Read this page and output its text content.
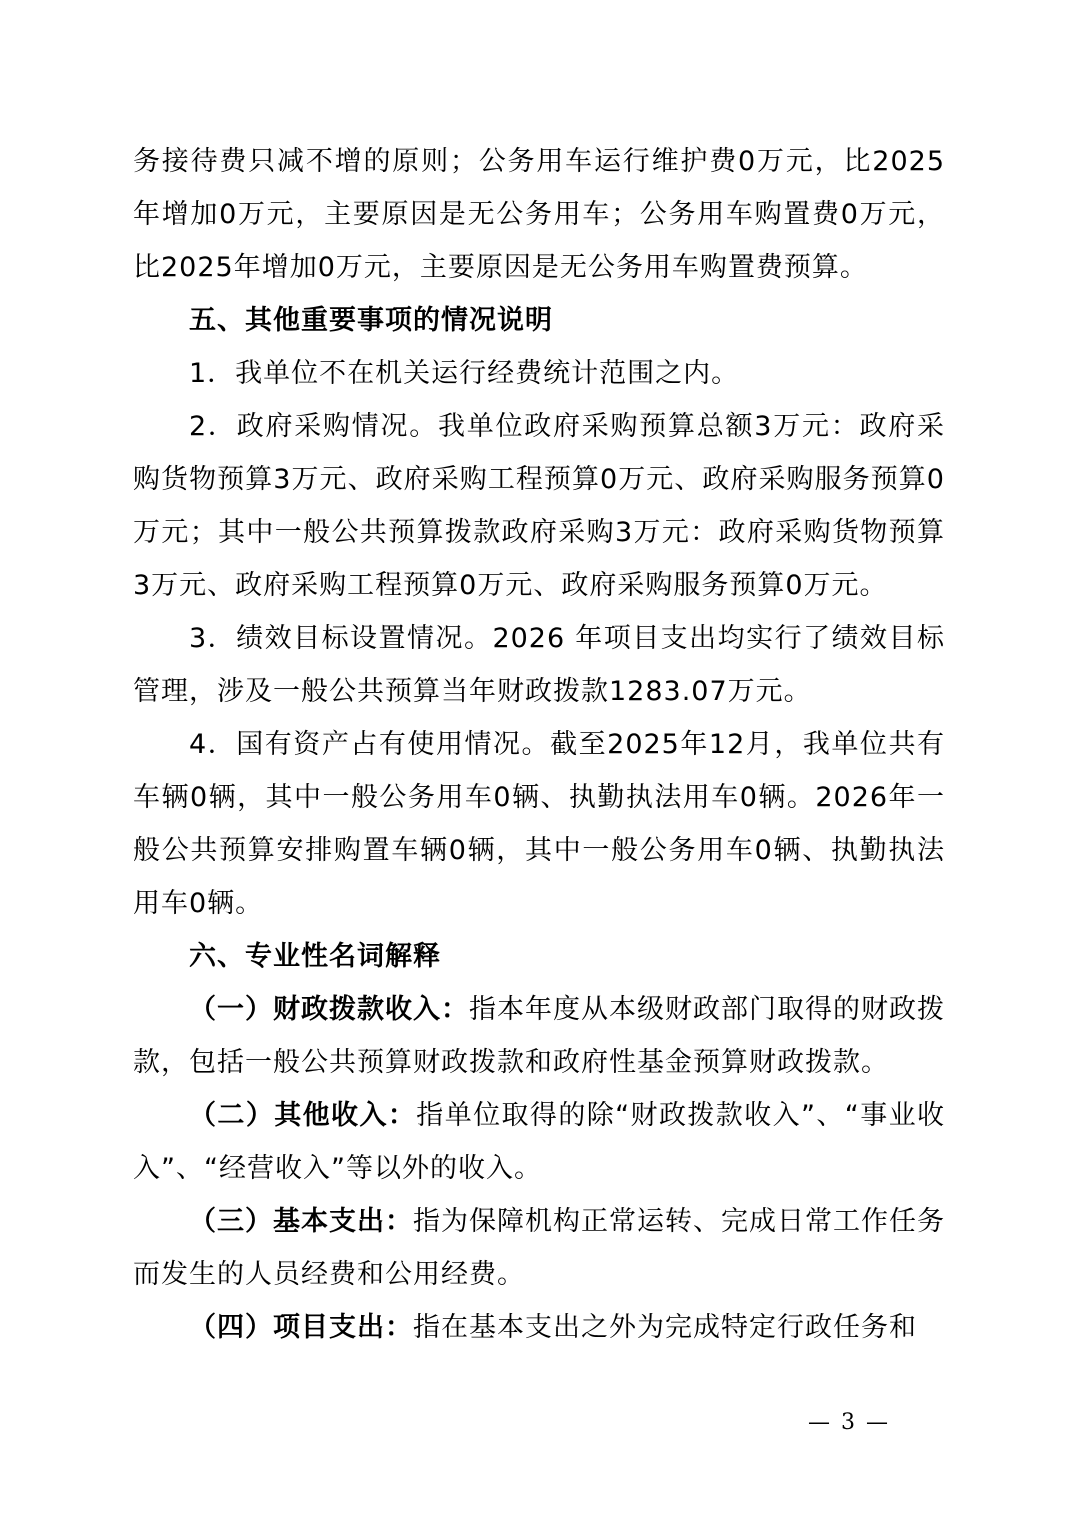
务接待费只减不增的原则；公务用车运行维护费0万元，比2025年增加0万元，主要原因是无公务用车；公务用车购置费0万元，比2025年增加0万元，主要原因是无公务用车购置费预算。

五、其他重要事项的情况说明

1．我单位不在机关运行经费统计范围之内。

2．政府采购情况。我单位政府采购预算总额3万元：政府采购货物预算3万元、政府采购工程预算0万元、政府采购服务预算0万元；其中一般公共预算拨款政府采购3万元：政府采购货物预算3万元、政府采购工程预算0万元、政府采购服务预算0万元。

3．绩效目标设置情况。2026 年项目支出均实行了绩效目标管理，涉及一般公共预算当年财政拨款1283.07万元。

4．国有资产占有使用情况。截至2025年12月，我单位共有车辆0辆，其中一般公务用车0辆、执勤执法用车0辆。2026年一般公共预算安排购置车辆0辆，其中一般公务用车0辆、执勤执法用车0辆。

六、专业性名词解释

（一）财政拨款收入：指本年度从本级财政部门取得的财政拨款，包括一般公共预算财政拨款和政府性基金预算财政拨款。

（二）其他收入：指单位取得的除“财政拨款收入”、“事业收入”、“经营收入”等以外的收入。

（三）基本支出：指为保障机构正常运转、完成日常工作任务而发生的人员经费和公用经费。

（四）项目支出：指在基本支出之外为完成特定行政任务和

— 3 —
